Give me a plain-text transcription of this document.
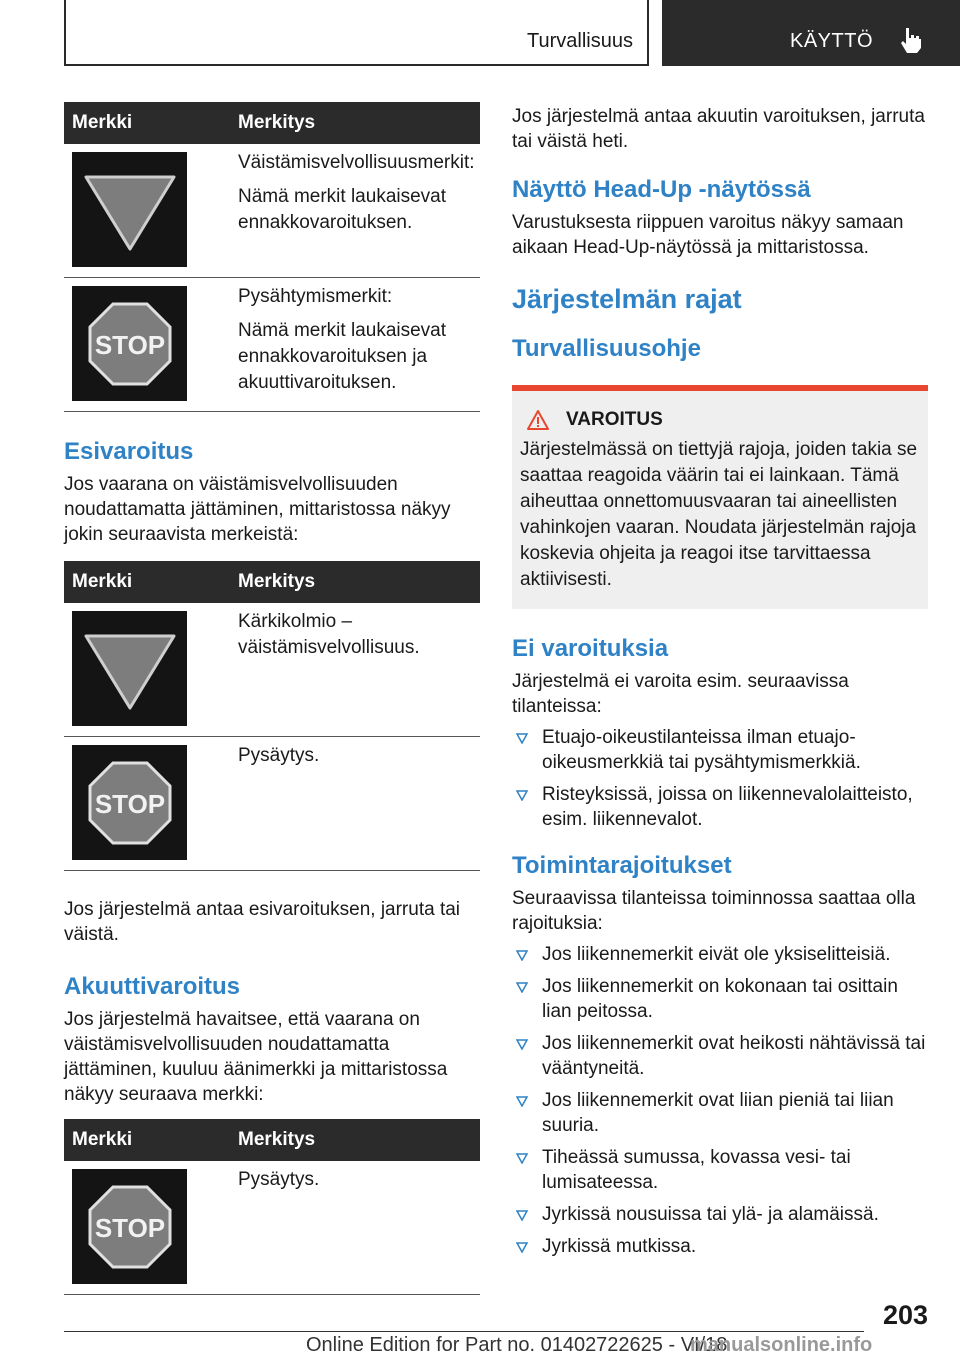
Turvallisuus	KÄYTTÖ
Merkki	Merkitys

Väistämisvelvollisuusmerkit:

Nämä merkit laukaisevat ennakkovaroituksen.

STOP	Pysähtymismerkit:

Nämä merkit laukaisevat ennakkovaroituksen ja akuuttivaroituksen.

Esivaroitus

Jos vaarana on väistämisvelvollisuuden noudattamatta jättäminen, mittaristossa näkyy jokin seuraavista merkeistä:

Merkki	Merkitys

Kärkikolmio – väistämisvelvollisuus.

STOP	Pysäytys.

Jos järjestelmä antaa esivaroituksen, jarruta tai väistä.

Akuuttivaroitus

Jos järjestelmä havaitsee, että vaarana on väistämisvelvollisuuden noudattamatta jättäminen, kuuluu äänimerkki ja mittaristossa näkyy seuraava merkki:

Merkki	Merkitys

STOP	Pysäytys.

Jos järjestelmä antaa akuutin varoituksen, jarruta tai väistä heti.

Näyttö Head-Up -näytössä

Varustuksesta riippuen varoitus näkyy samaan aikaan Head-Up-näytössä ja mittaristossa.

Järjestelmän rajat
Turvallisuusohje
VAROITUS
Järjestelmässä on tiettyjä rajoja, joiden takia se saattaa reagoida väärin tai ei lainkaan. Tämä aiheuttaa onnettomuusvaaran tai aineellisten vahinkojen vaaran. Noudata järjestelmän rajoja koskevia ohjeita ja reagoi itse tarvittaessa aktiivisesti.
Ei varoituksia

Järjestelmä ei varoita esim. seuraavissa tilanteissa:

Etuajo-oikeustilanteissa ilman etuajo-oikeusmerkkiä tai pysähtymismerkkiä.
Risteyksissä, joissa on liikennevalolaitteisto, esim. liikennevalot.
Toimintarajoitukset

Seuraavissa tilanteissa toiminnossa saattaa olla rajoituksia:

Jos liikennemerkit eivät ole yksiselitteisiä.
Jos liikennemerkit on kokonaan tai osittain lian peitossa.
Jos liikennemerkit ovat heikosti nähtävissä tai vääntyneitä.
Jos liikennemerkit ovat liian pieniä tai liian suuria.
Tiheässä sumussa, kovassa vesi- tai lumisateessa.
Jyrkissä nousuissa tai ylä- ja alamäissä.
Jyrkissä mutkissa.
203
Online Edition for Part no. 01402722625 - VI/18
manualsonline.info
